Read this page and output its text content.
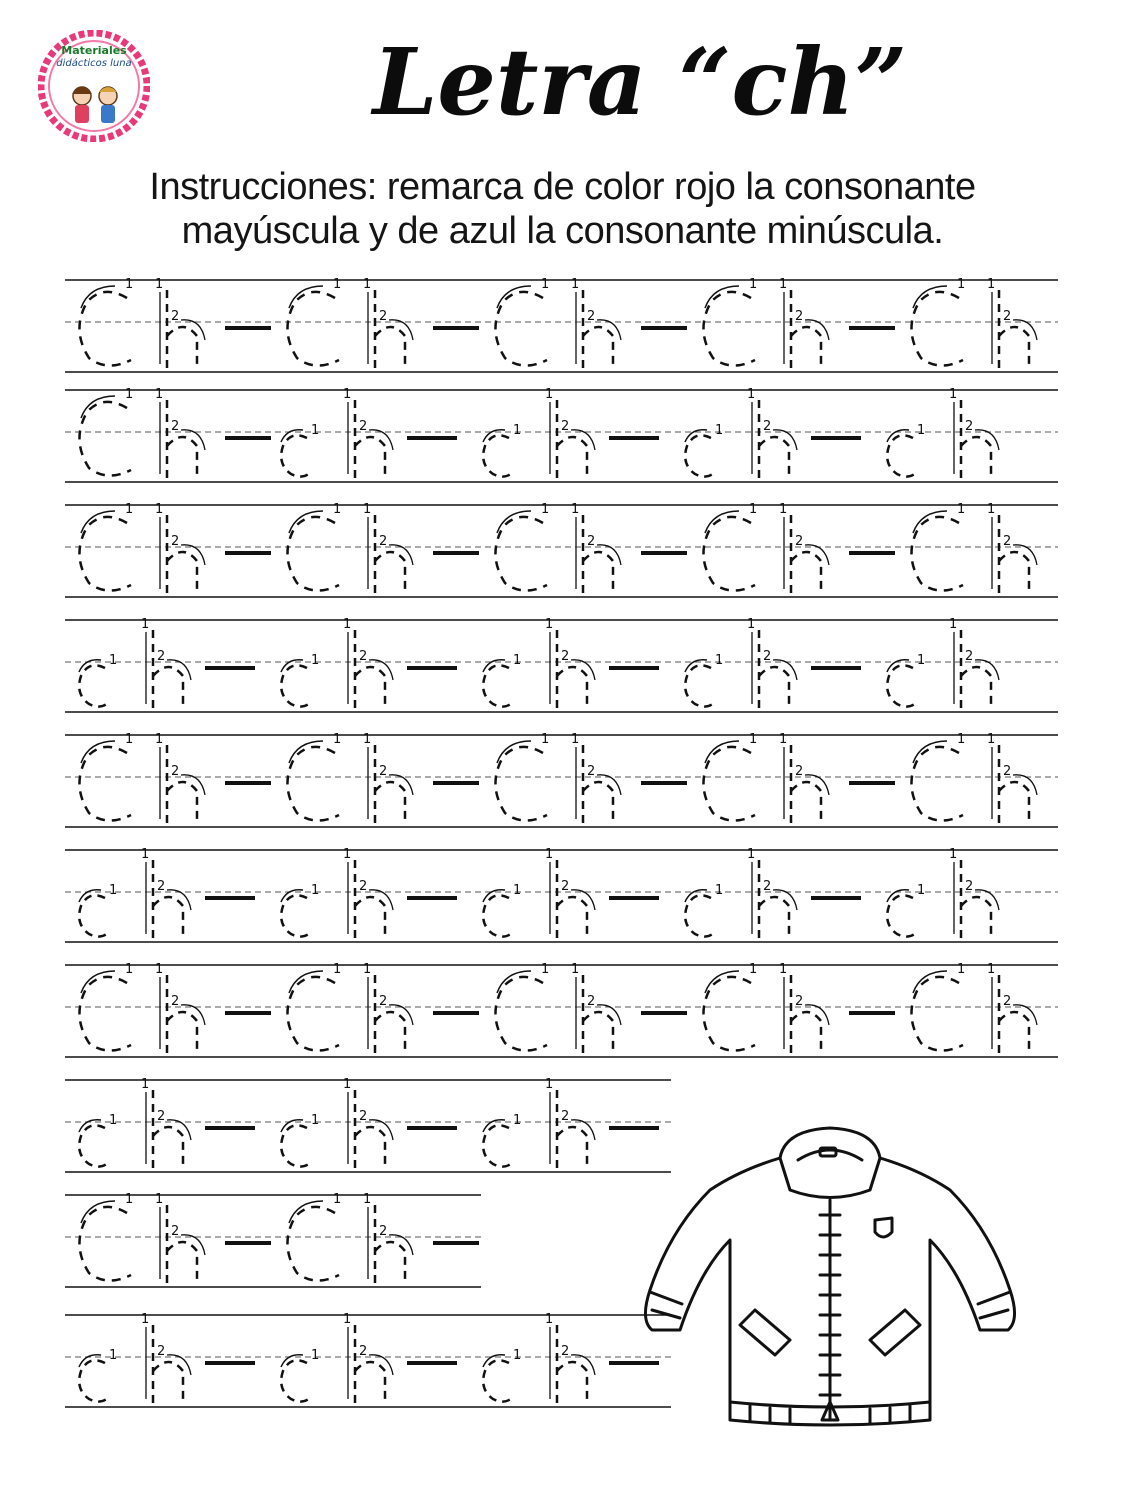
Materiales
didácticos luna	Letra “ch”
Instrucciones: remarca de color rojo la consonante
mayúscula y de azul la consonante minúscula.
1 1
2
1 1
2
1 1
2
1 1
2
1 1
2
1 1
2	1
1
2	1
1
2	1
1
2	1
1
2
1 1
2
1 1
2
1 1
2
1 1
2
1 1
2
1
1
2	1
1
2	1
1
2	1
1
2	1
1
2
1 1
2
1 1
2
1 1
2
1 1
2
1 1
2
1
1
2	1
1
2	1
1
2	1
1
2	1
1
2
1 1
2
1 1
2
1 1
2
1 1
2
1 1
2
1
1
2	1
1
2	1
1
2
1 1
2
1 1
2
1
1
2	1
1
2	1
1
2
